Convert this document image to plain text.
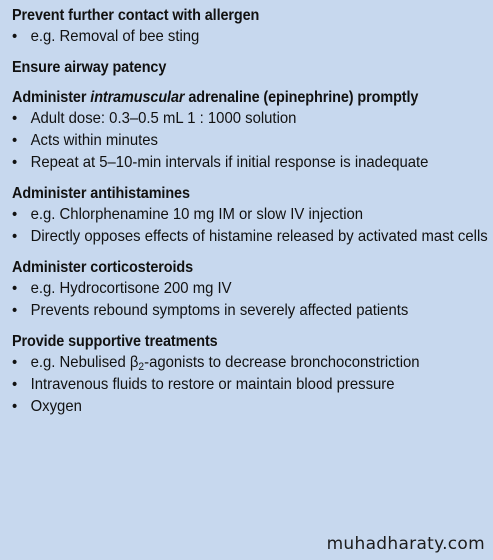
Prevent further contact with allergen

• e.g. Removal of bee sting

Ensure airway patency

Administer intramuscular adrenaline (epinephrine) promptly

• Adult dose: 0.3–0.5 mL 1 : 1000 solution
• Acts within minutes
• Repeat at 5–10-min intervals if initial response is inadequate

Administer antihistamines

• e.g. Chlorphenamine 10 mg IM or slow IV injection
• Directly opposes effects of histamine released by activated mast cells

Administer corticosteroids

• e.g. Hydrocortisone 200 mg IV
• Prevents rebound symptoms in severely affected patients

Provide supportive treatments

• e.g. Nebulised $\beta_2$-agonists to decrease bronchoconstriction
• Intravenous fluids to restore or maintain blood pressure
• Oxygen
muhadharaty.com
